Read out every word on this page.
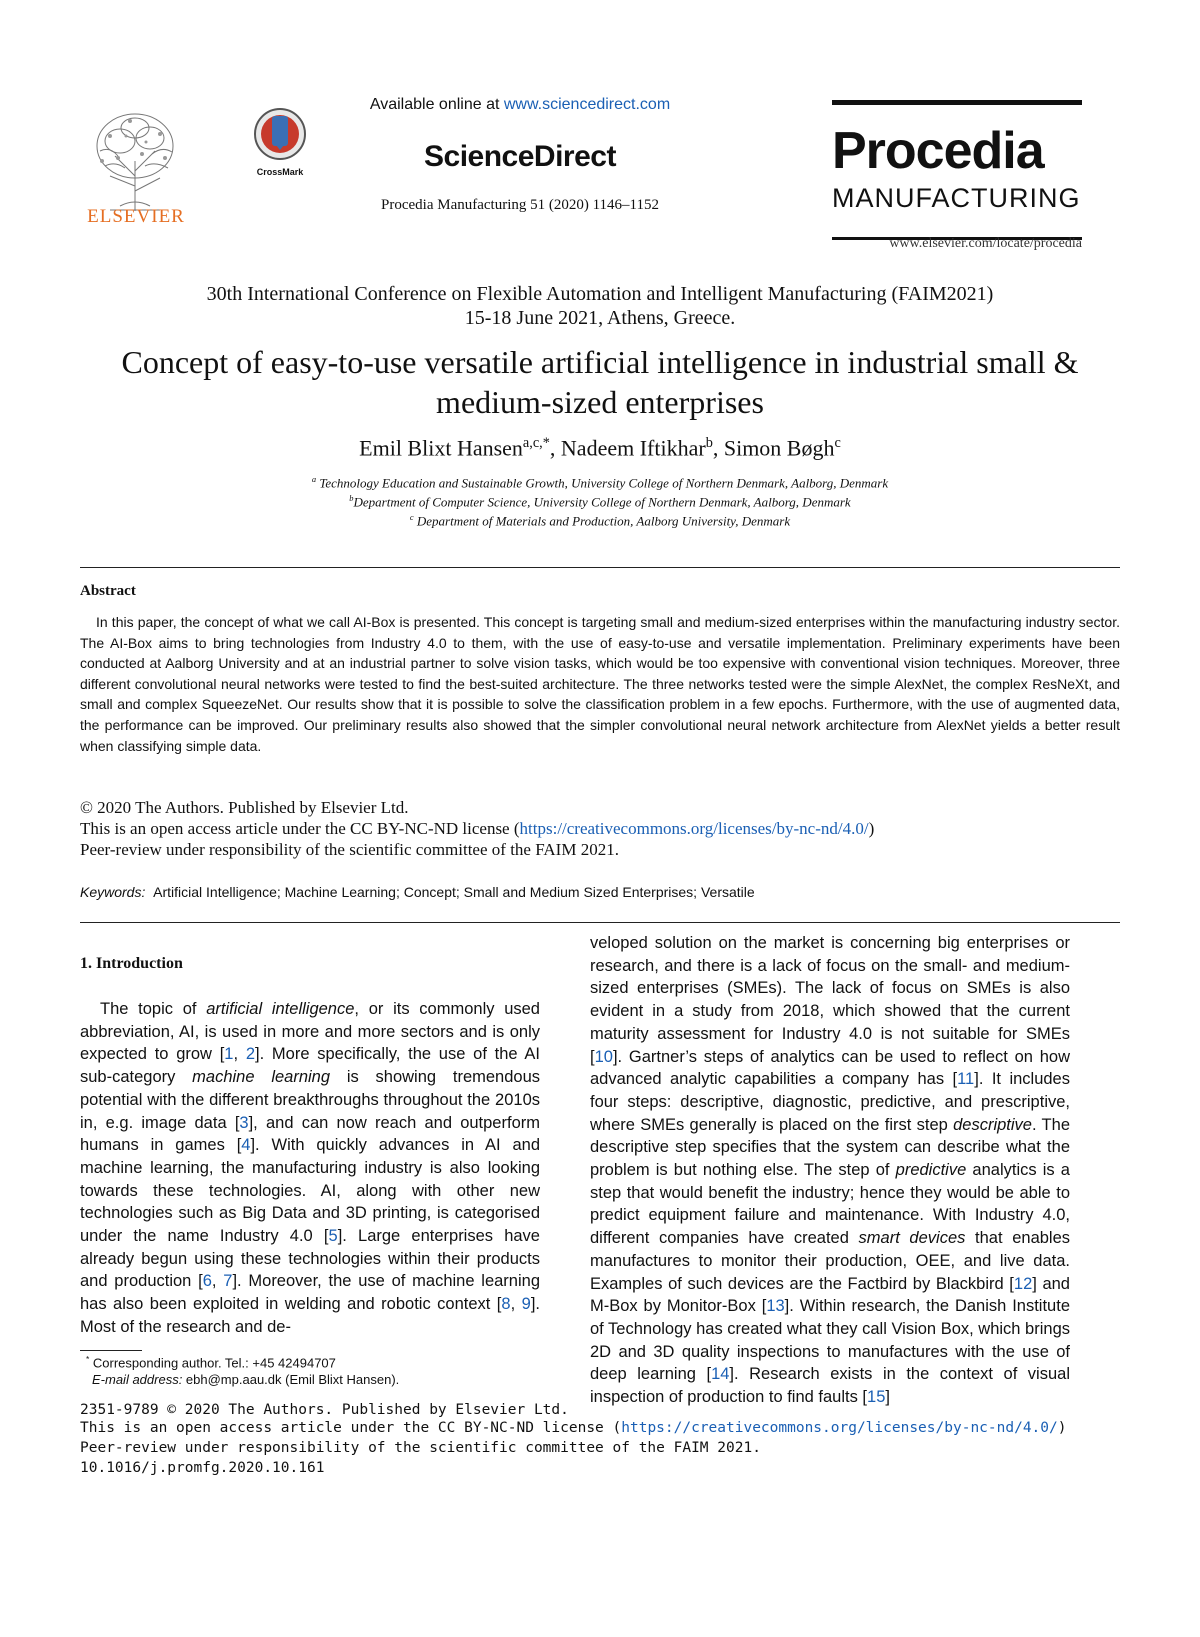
ELSEVIER
CrossMark
Available online at www.sciencedirect.com
ScienceDirect
Procedia Manufacturing 51 (2020) 1146–1152
Procedia
MANUFACTURING
www.elsevier.com/locate/procedia
30th International Conference on Flexible Automation and Intelligent Manufacturing (FAIM2021)
15-18 June 2021, Athens, Greece.
Concept of easy-to-use versatile artificial intelligence in industrial small &
medium-sized enterprises
Emil Blixt Hansen$^{a,c,*}$, Nadeem Iftikhar$^b$, Simon Bøgh$^c$
$^a$ Technology Education and Sustainable Growth, University College of Northern Denmark, Aalborg, Denmark
$^b$Department of Computer Science, University College of Northern Denmark, Aalborg, Denmark
$^c$ Department of Materials and Production, Aalborg University, Denmark
Abstract
In this paper, the concept of what we call AI-Box is presented. This concept is targeting small and medium-sized enterprises within the manufacturing industry sector. The AI-Box aims to bring technologies from Industry 4.0 to them, with the use of easy-to-use and versatile implementation. Preliminary experiments have been conducted at Aalborg University and at an industrial partner to solve vision tasks, which would be too expensive with conventional vision techniques. Moreover, three different convolutional neural networks were tested to find the best-suited architecture. The three networks tested were the simple AlexNet, the complex ResNeXt, and small and complex SqueezeNet. Our results show that it is possible to solve the classification problem in a few epochs. Furthermore, with the use of augmented data, the performance can be improved. Our preliminary results also showed that the simpler convolutional neural network architecture from AlexNet yields a better result when classifying simple data.
© 2020 The Authors. Published by Elsevier Ltd.
This is an open access article under the CC BY-NC-ND license (https://creativecommons.org/licenses/by-nc-nd/4.0/)
Peer-review under responsibility of the scientific committee of the FAIM 2021.
Keywords: Artificial Intelligence; Machine Learning; Concept; Small and Medium Sized Enterprises; Versatile
1. Introduction
The topic of artificial intelligence, or its commonly used abbreviation, AI, is used in more and more sectors and is only expected to grow [1, 2]. More specifically, the use of the AI sub-category machine learning is showing tremendous potential with the different breakthroughs throughout the 2010s in, e.g. image data [3], and can now reach and outperform humans in games [4]. With quickly advances in AI and machine learning, the manufacturing industry is also looking towards these technologies. AI, along with other new technologies such as Big Data and 3D printing, is categorised under the name Industry 4.0 [5]. Large enterprises have already begun using these technologies within their products and production [6, 7]. Moreover, the use of machine learning has also been exploited in welding and robotic context [8, 9]. Most of the research and de-
veloped solution on the market is concerning big enterprises or research, and there is a lack of focus on the small- and medium-sized enterprises (SMEs). The lack of focus on SMEs is also evident in a study from 2018, which showed that the current maturity assessment for Industry 4.0 is not suitable for SMEs [10]. Gartner’s steps of analytics can be used to reflect on how advanced analytic capabilities a company has [11]. It includes four steps: descriptive, diagnostic, predictive, and prescriptive, where SMEs generally is placed on the first step descriptive. The descriptive step specifies that the system can describe what the problem is but nothing else. The step of predictive analytics is a step that would benefit the industry; hence they would be able to predict equipment failure and maintenance. With Industry 4.0, different companies have created smart devices that enables manufactures to monitor their production, OEE, and live data. Examples of such devices are the Factbird by Blackbird [12] and M-Box by Monitor-Box [13]. Within research, the Danish Institute of Technology has created what they call Vision Box, which brings 2D and 3D quality inspections to manufactures with the use of deep learning [14]. Research exists in the context of visual inspection of production to find faults [15]
* Corresponding author. Tel.: +45 42494707
E-mail address: ebh@mp.aau.dk (Emil Blixt Hansen).
2351-9789 © 2020 The Authors. Published by Elsevier Ltd.
This is an open access article under the CC BY-NC-ND license (https://creativecommons.org/licenses/by-nc-nd/4.0/)
Peer-review under responsibility of the scientific committee of the FAIM 2021.
10.1016/j.promfg.2020.10.161
